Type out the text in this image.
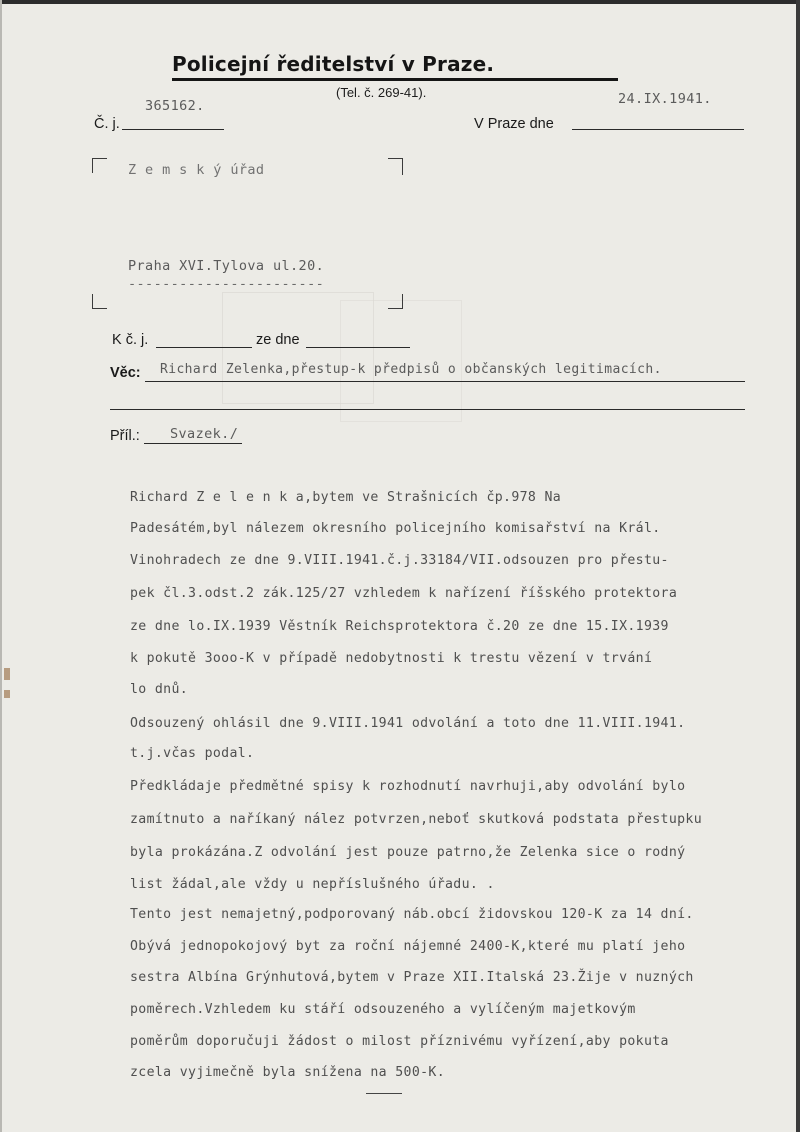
Policejní ředitelství v Praze.
(Tel. č. 269-41).
365162.
Č. j.
24.IX.1941.
V Praze dne
Z e m s k ý úřad
Praha XVI.Tylova ul.20.
-----------------------
K č. j.	ze dne
Věc: Richard Zelenka,přestup-k předpisů o občanských legitimacích.
Příl.: Svazek./
Richard Z e l e n k a,bytem ve Strašnicích čp.978 Na
Padesátém,byl nálezem okresního policejního komisařství na Král.
Vinohradech ze dne 9.VIII.1941.č.j.33184/VII.odsouzen pro přestu-
pek čl.3.odst.2 zák.125/27 vzhledem k nařízení říšského protektora
ze dne lo.IX.1939 Věstník Reichsprotektora č.20 ze dne 15.IX.1939
k pokutě 3ooo-K v případě nedobytnosti k trestu vězení v trvání
lo dnů.
Odsouzený ohlásil dne 9.VIII.1941 odvolání a toto dne 11.VIII.1941.
t.j.včas podal.
Předkládaje předmětné spisy k rozhodnutí navrhuji,aby odvolání bylo
zamítnuto a naříkaný nález potvrzen,neboť skutková podstata přestupku
byla prokázána.Z odvolání jest pouze patrno,že Zelenka sice o rodný
list žádal,ale vždy u nepříslušného úřadu. .
Tento jest nemajetný,podporovaný náb.obcí židovskou 120-K za 14 dní.
Obývá jednopokojový byt za roční nájemné 2400-K,které mu platí jeho
sestra Albína Grýnhutová,bytem v Praze XII.Italská 23.Žije v nuzných
poměrech.Vzhledem ku stáří odsouzeného a vylíčeným majetkovým
poměrům doporučuji žádost o milost příznivému vyřízení,aby pokuta
zcela vyjimečně byla snížena na 500-K.
